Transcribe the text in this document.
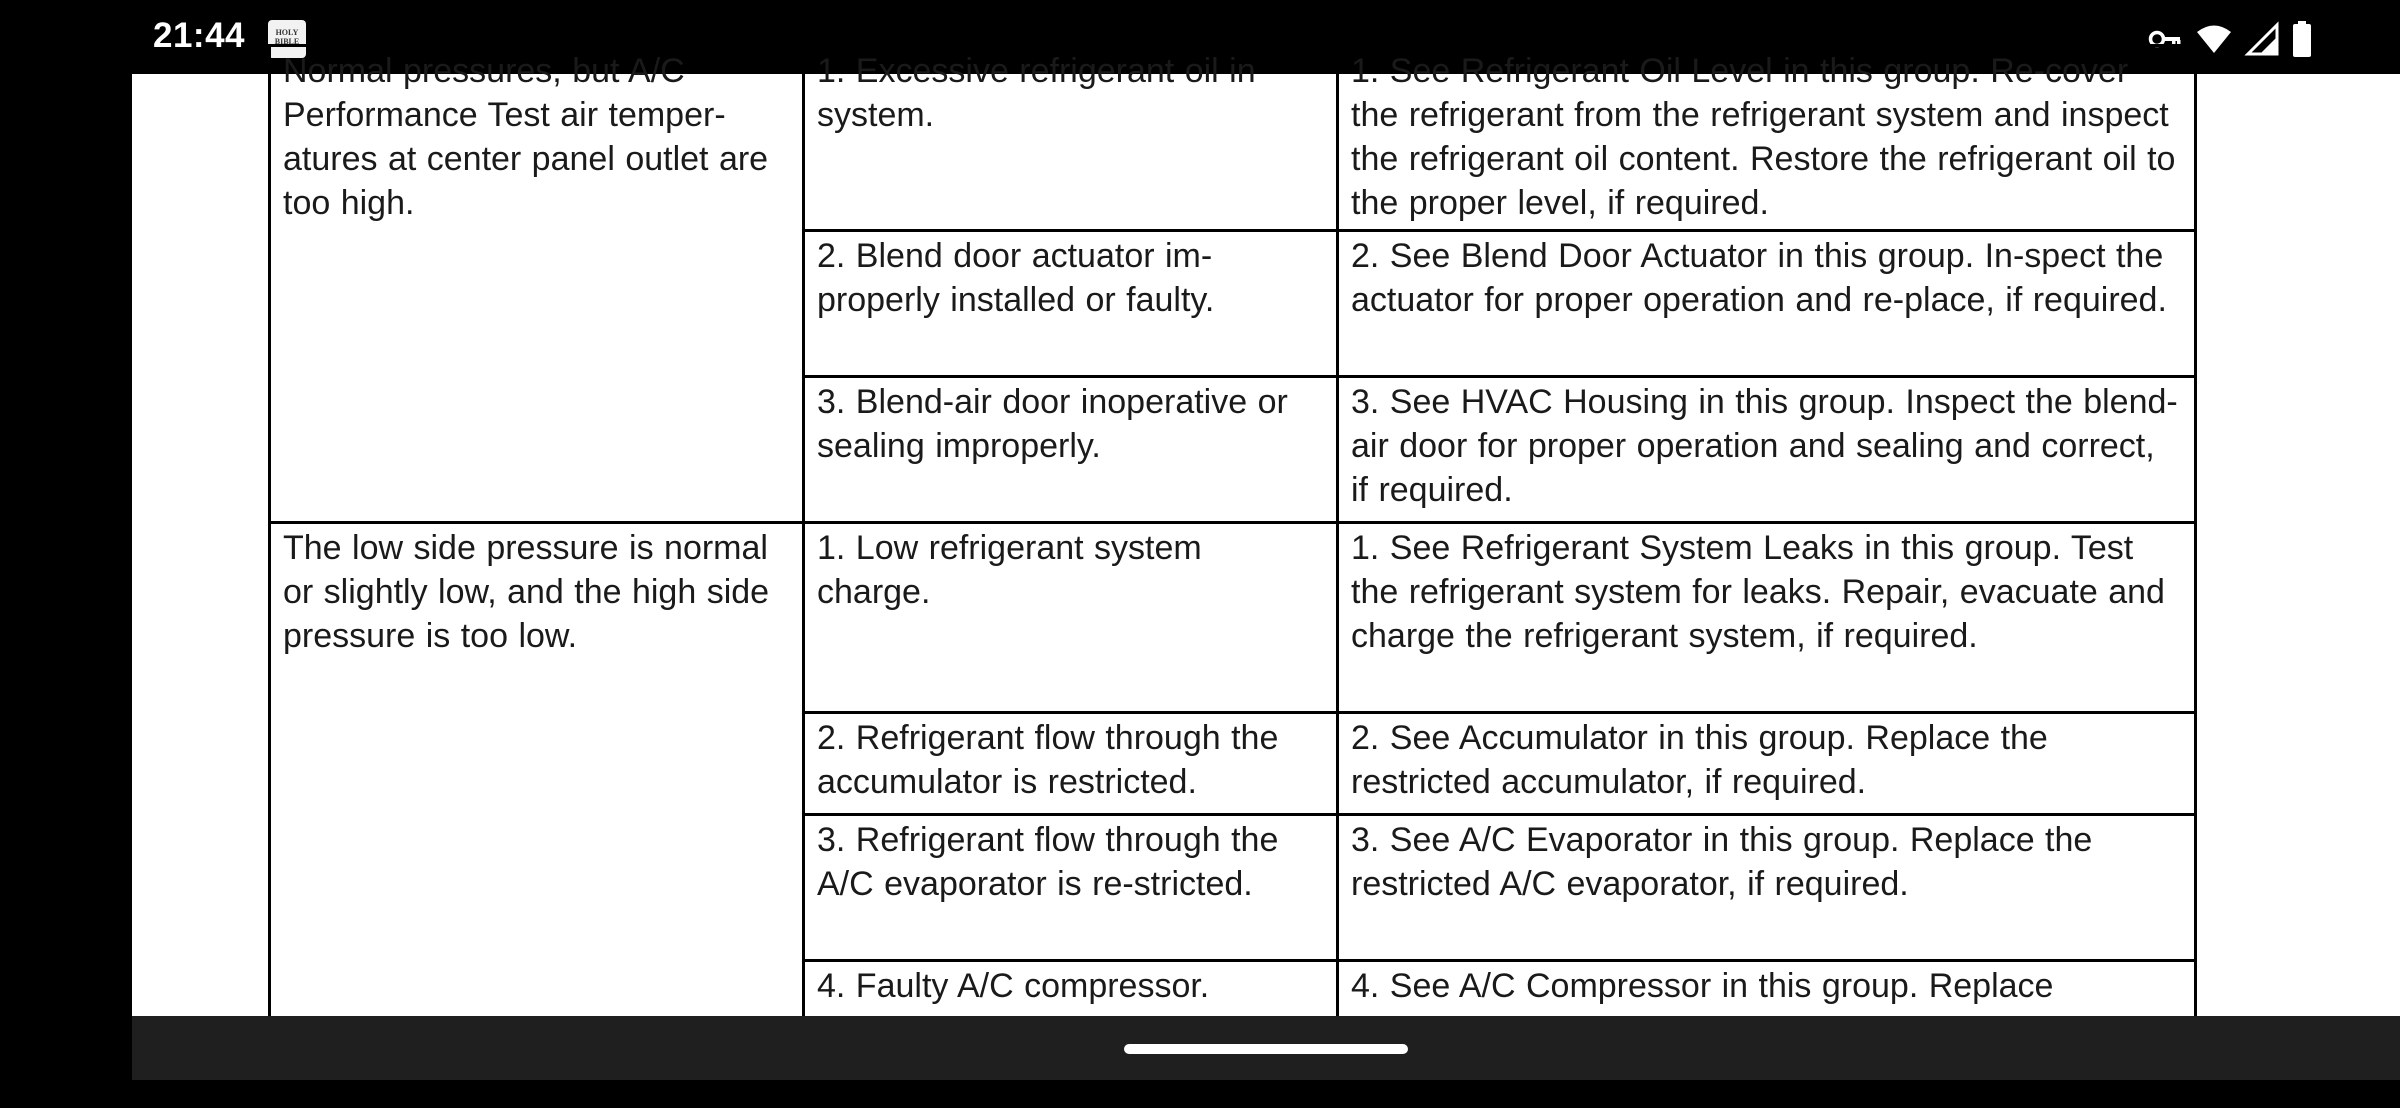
21:44	HOLY BIBLE
Normal pressures, but A/C Performance Test air temper-atures at center panel outlet are too high.	1. Excessive refrigerant oil in system.	1. See Refrigerant Oil Level in this group. Re-cover the refrigerant from the refrigerant system and inspect the refrigerant oil content. Restore the refrigerant oil to the proper level, if required.
	2. Blend door actuator im-properly installed or faulty.	2. See Blend Door Actuator in this group. In-spect the actuator for proper operation and re-place, if required.
	3. Blend-air door inoperative or sealing improperly.	3. See HVAC Housing in this group. Inspect the blend-air door for proper operation and sealing and correct, if required.
The low side pressure is normal or slightly low, and the high side pressure is too low.	1. Low refrigerant system charge.	1. See Refrigerant System Leaks in this group. Test the refrigerant system for leaks. Repair, evacuate and charge the refrigerant system, if required.
	2. Refrigerant flow through the accumulator is restricted.	2. See Accumulator in this group. Replace the restricted accumulator, if required.
	3. Refrigerant flow through the A/C evaporator is re-stricted.	3. See A/C Evaporator in this group. Replace the restricted A/C evaporator, if required.
	4. Faulty A/C compressor.	4. See A/C Compressor in this group. Replace
